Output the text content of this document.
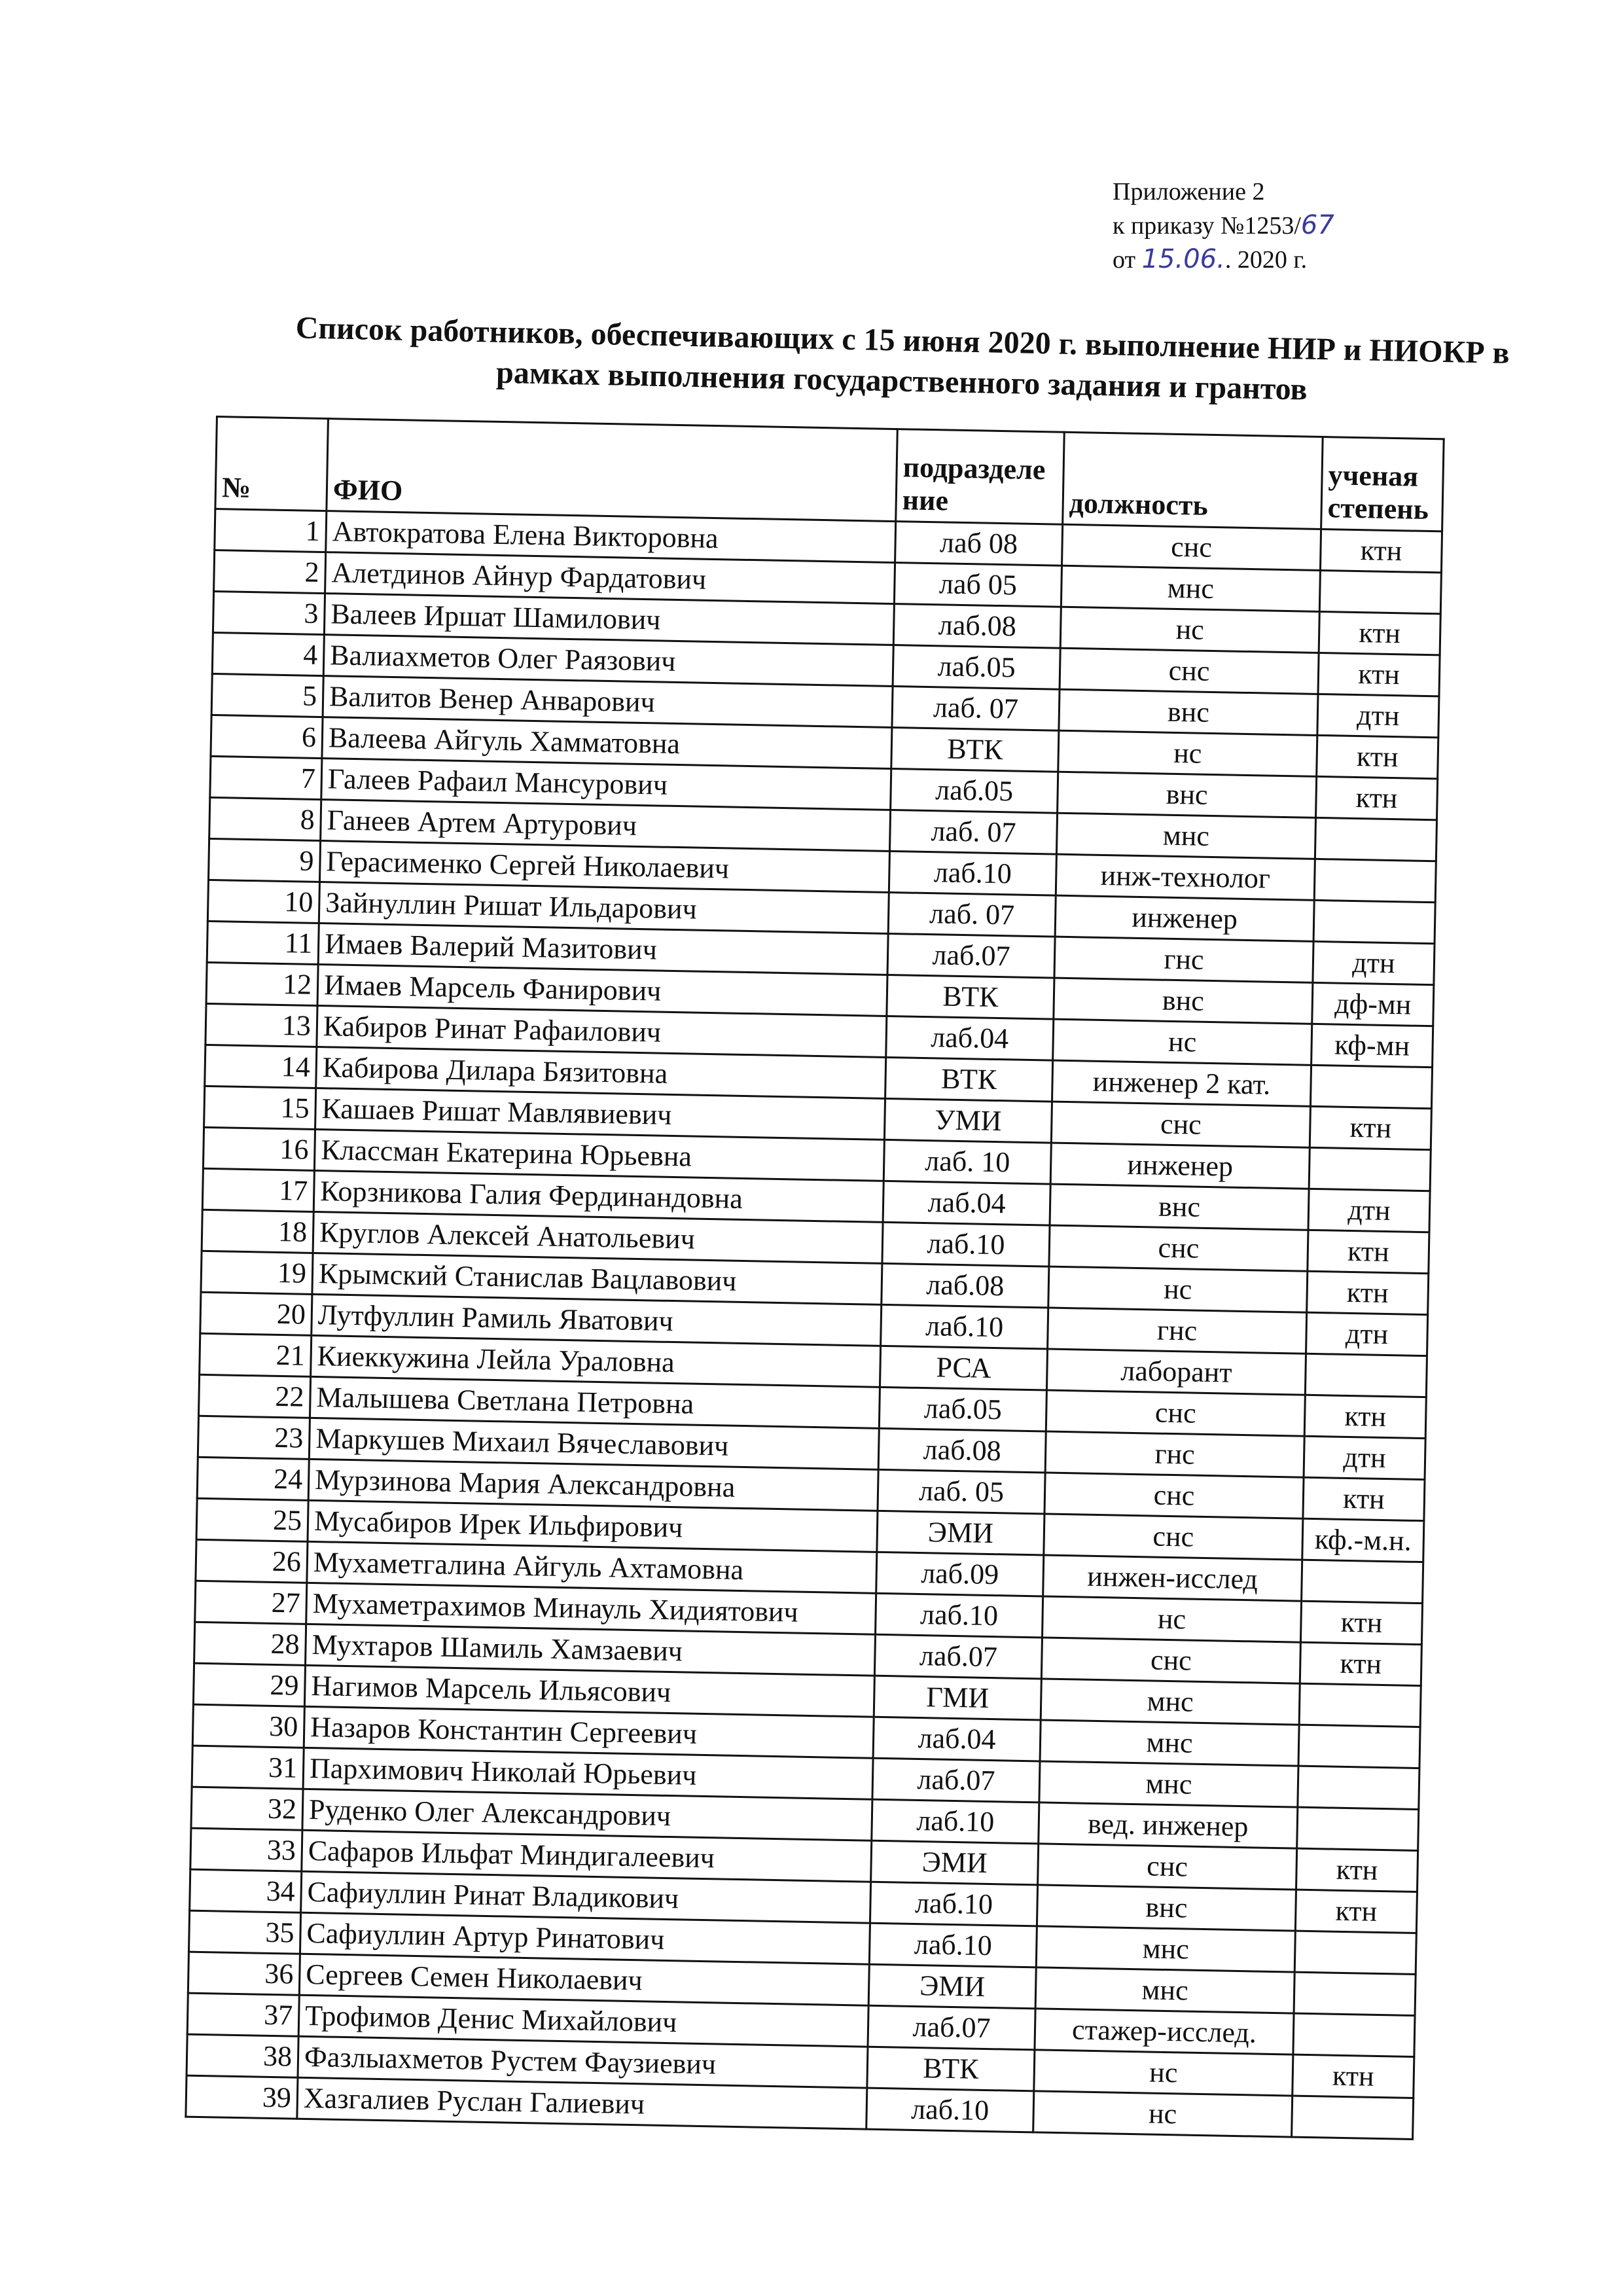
Приложение 2
к приказу №1253/67
от 15.06.. 2020 г.
Список работников, обеспечивающих с 15 июня 2020 г. выполнение НИР и НИОКР в рамках выполнения государственного задания и грантов
№	ФИО	подразделе ние	должность	ученая степень
1	Автократова Елена Викторовна	лаб 08	снс	ктн
2	Алетдинов Айнур Фардатович	лаб 05	мнс	
3	Валеев Иршат Шамилович	лаб.08	нс	ктн
4	Валиахметов Олег Раязович	лаб.05	снс	ктн
5	Валитов Венер Анварович	лаб. 07	внс	дтн
6	Валеева Айгуль Хамматовна	ВТК	нс	ктн
7	Галеев Рафаил Мансурович	лаб.05	внс	ктн
8	Ганеев Артем Артурович	лаб. 07	мнс	
9	Герасименко Сергей Николаевич	лаб.10	инж-технолог	
10	Зайнуллин Ришат Ильдарович	лаб. 07	инженер	
11	Имаев Валерий Мазитович	лаб.07	гнс	дтн
12	Имаев Марсель Фанирович	ВТК	внс	дф-мн
13	Кабиров Ринат Рафаилович	лаб.04	нс	кф-мн
14	Кабирова Дилара Бязитовна	ВТК	инженер 2 кат.	
15	Кашаев Ришат Мавлявиевич	УМИ	снс	ктн
16	Классман Екатерина Юрьевна	лаб. 10	инженер	
17	Корзникова Галия Фердинандовна	лаб.04	внс	дтн
18	Круглов Алексей Анатольевич	лаб.10	снс	ктн
19	Крымский Станислав Вацлавович	лаб.08	нс	ктн
20	Лутфуллин Рамиль Яватович	лаб.10	гнс	дтн
21	Киеккужина Лейла Ураловна	РСА	лаборант	
22	Малышева Светлана Петровна	лаб.05	снс	ктн
23	Маркушев Михаил Вячеславович	лаб.08	гнс	дтн
24	Мурзинова Мария Александровна	лаб. 05	снс	ктн
25	Мусабиров Ирек Ильфирович	ЭМИ	снс	кф.-м.н.
26	Мухаметгалина Айгуль Ахтамовна	лаб.09	инжен-исслед	
27	Мухаметрахимов Минауль Хидиятович	лаб.10	нс	ктн
28	Мухтаров Шамиль Хамзаевич	лаб.07	снс	ктн
29	Нагимов Марсель Ильясович	ГМИ	мнс	
30	Назаров Константин Сергеевич	лаб.04	мнс	
31	Пархимович Николай Юрьевич	лаб.07	мнс	
32	Руденко Олег Александрович	лаб.10	вед. инженер	
33	Сафаров Ильфат Миндигалеевич	ЭМИ	снс	ктн
34	Сафиуллин Ринат Владикович	лаб.10	внс	ктн
35	Сафиуллин Артур Ринатович	лаб.10	мнс	
36	Сергеев Семен Николаевич	ЭМИ	мнс	
37	Трофимов Денис Михайлович	лаб.07	стажер-исслед.	
38	Фазлыахметов Рустем Фаузиевич	ВТК	нс	ктн
39	Хазгалиев Руслан Галиевич	лаб.10	нс	
